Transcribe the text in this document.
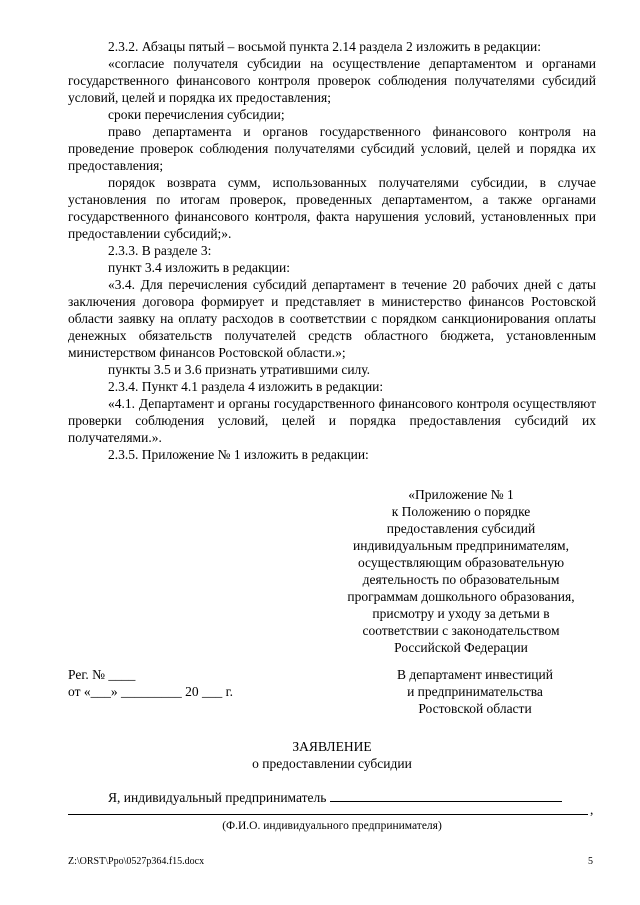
2.3.2. Абзацы пятый – восьмой пункта 2.14 раздела 2 изложить в редакции:

«согласие получателя субсидии на осуществление департаментом и органами государственного финансового контроля проверок соблюдения получателями субсидий условий, целей и порядка их предоставления;

сроки перечисления субсидии;

право департамента и органов государственного финансового контроля на проведение проверок соблюдения получателями субсидий условий, целей и порядка их предоставления;

порядок возврата сумм, использованных получателями субсидии, в случае установления по итогам проверок, проведенных департаментом, а также органами государственного финансового контроля, факта нарушения условий, установленных при предоставлении субсидий;».

2.3.3. В разделе 3:

пункт 3.4 изложить в редакции:

«3.4. Для перечисления субсидий департамент в течение 20 рабочих дней с даты заключения договора формирует и представляет в министерство финансов Ростовской области заявку на оплату расходов в соответствии с порядком санкционирования оплаты денежных обязательств получателей средств областного бюджета, установленным министерством финансов Ростовской области.»;

пункты 3.5 и 3.6 признать утратившими силу.

2.3.4. Пункт 4.1 раздела 4 изложить в редакции:

«4.1. Департамент и органы государственного финансового контроля осуществляют проверки соблюдения условий, целей и порядка предоставления субсидий их получателями.».

2.3.5. Приложение № 1 изложить в редакции:

«Приложение № 1
к Положению о порядке
предоставления субсидий
индивидуальным предпринимателям,
осуществляющим образовательную
деятельность по образовательным
программам дошкольного образования,
присмотру и уходу за детьми в
соответствии с законодательством
Российской Федерации
Рег. № ____
от «___» _________ 20 ___ г.
В департамент инвестиций
и предпринимательства
Ростовской области
ЗАЯВЛЕНИЕ
о предоставлении субсидии
Я, индивидуальный предприниматель
,
(Ф.И.О. индивидуального предпринимателя)
Z:\ORST\Ppo\0527p364.f15.docx	5
